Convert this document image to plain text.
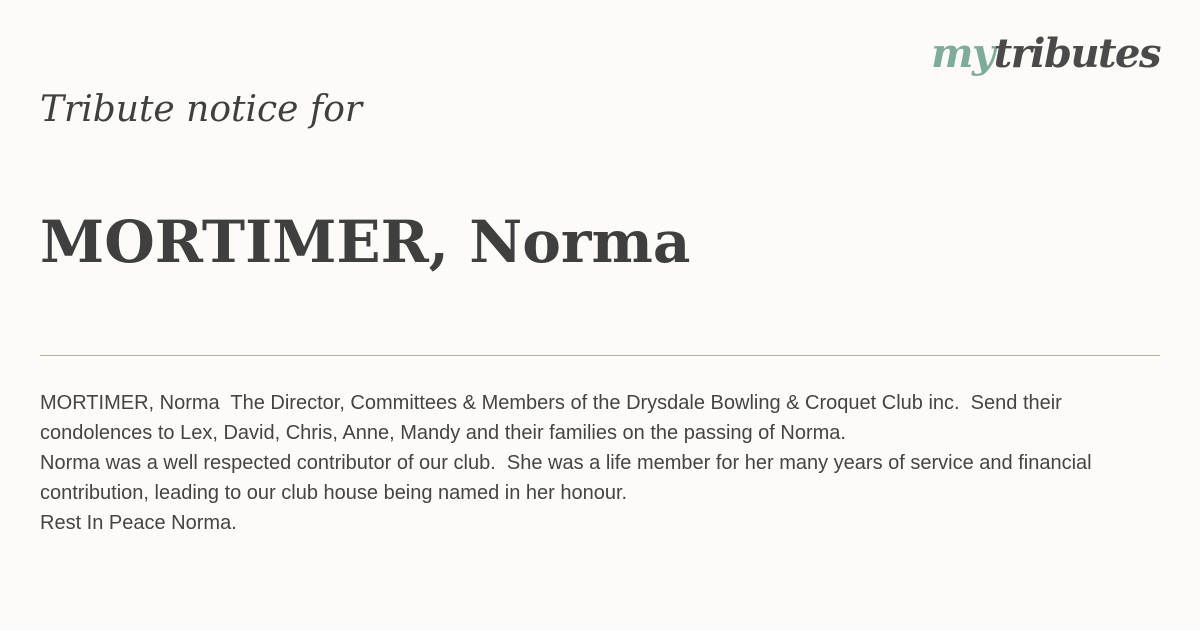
mytributes
Tribute notice for
MORTIMER, Norma

MORTIMER, Norma  The Director, Committees & Members of the Drysdale Bowling & Croquet Club inc.  Send their condolences to Lex, David, Chris, Anne, Mandy and their families on the passing of Norma.

Norma was a well respected contributor of our club.  She was a life member for her many years of service and financial contribution, leading to our club house being named in her honour.

Rest In Peace Norma.
